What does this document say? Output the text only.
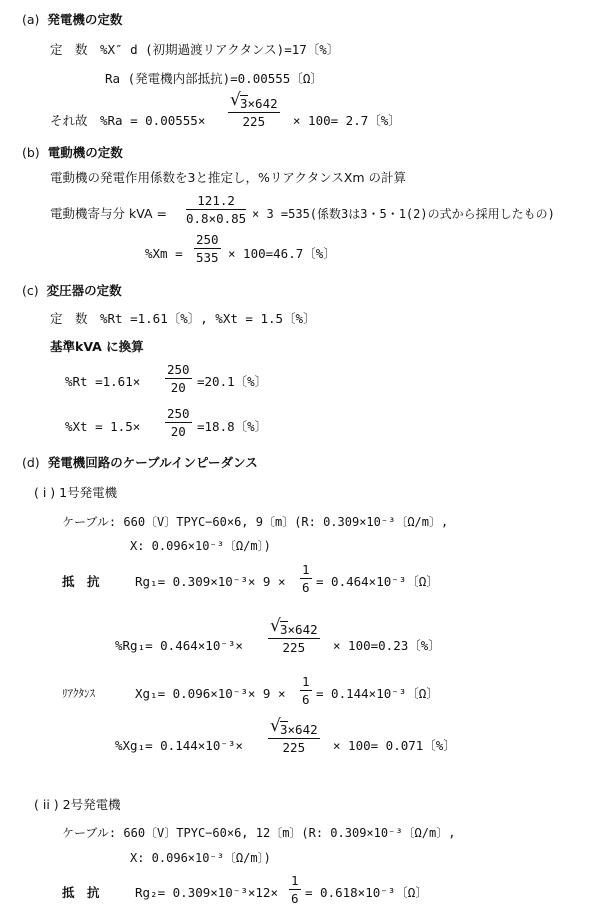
(a) 発電機の定数
定　数　%X″ d (初期過渡リアクタンス)=17〔%〕
Ra (発電機内部抵抗)=0.00555〔Ω〕
それ故　%Ra = 0.00555× √ $\frac{3\times 642}{225} \times 100= 2.7$〔%〕
(b) 電動機の定数
電動機の発電作用係数を3と推定し，%リアクタンスXm の計算
電動機寄与分 kVA = $\frac{121.2}{0.8\times 0.85} \times 3 =535$(係数3は3・5・1(2)の式から採用したもの)
$\%Xm = \frac{250}{535} \times 100=46.7$〔%〕
(c) 変圧器の定数
定　数　%Rt =1.61〔%〕, %Xt = 1.5〔%〕
基準kVA に換算
$\%Rt =1.61\times \frac{250}{20} =20.1$〔%〕
$\%Xt = 1.5\times \frac{250}{20} =18.8$〔%〕
(d) 発電機回路のケーブルインピーダンス
( i ) 1号発電機
ケーブル: 660〔V〕TPYC−60×6, 9〔m〕(R: 0.309×10⁻³〔Ω/m〕,
X: 0.096×10⁻³〔Ω/m〕)
抵　抗	$Rg_1= 0.309\times 10^{-3}\times 9 \times \frac{1}{6} = 0.464\times 10^{-3}$〔Ω〕
%Rg₁= 0.464×10⁻³× √ $\frac{3\times 642}{225} \times 100=0.23$〔%〕
ﾘｱｸﾀﾝｽ	$Xg_1= 0.096\times 10^{-3}\times 9 \times \frac{1}{6} = 0.144\times 10^{-3}$〔Ω〕
%Xg₁= 0.144×10⁻³× √ $\frac{3\times 642}{225} \times 100= 0.071$〔%〕
( ii ) 2号発電機
ケーブル: 660〔V〕TPYC−60×6, 12〔m〕(R: 0.309×10⁻³〔Ω/m〕,
X: 0.096×10⁻³〔Ω/m〕)
抵　抗	$Rg_2= 0.309\times 10^{-3}\times 12\times \frac{1}{6} = 0.618\times 10^{-3}$〔Ω〕
